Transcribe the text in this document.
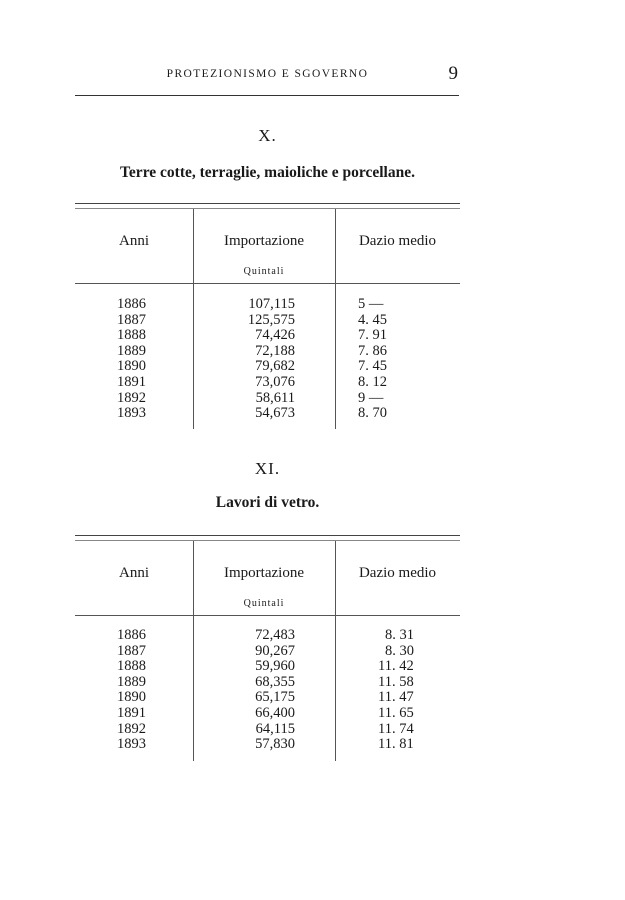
PROTEZIONISMO E SGOVERNO	9
X.
Terre cotte, terraglie, maioliche e porcellane.
Anni	Importazione	Dazio medio
Quintali
1886	107,115	5 —
1887	125,575	4. 45
1888	74,426	7. 91
1889	72,188	7. 86
1890	79,682	7. 45
1891	73,076	8. 12
1892	58,611	9 —
1893	54,673	8. 70
XI.
Lavori di vetro.
Anni	Importazione	Dazio medio
Quintali
1886	72,483	8. 31
1887	90,267	8. 30
1888	59,960	11. 42
1889	68,355	11. 58
1890	65,175	11. 47
1891	66,400	11. 65
1892	64,115	11. 74
1893	57,830	11. 81
